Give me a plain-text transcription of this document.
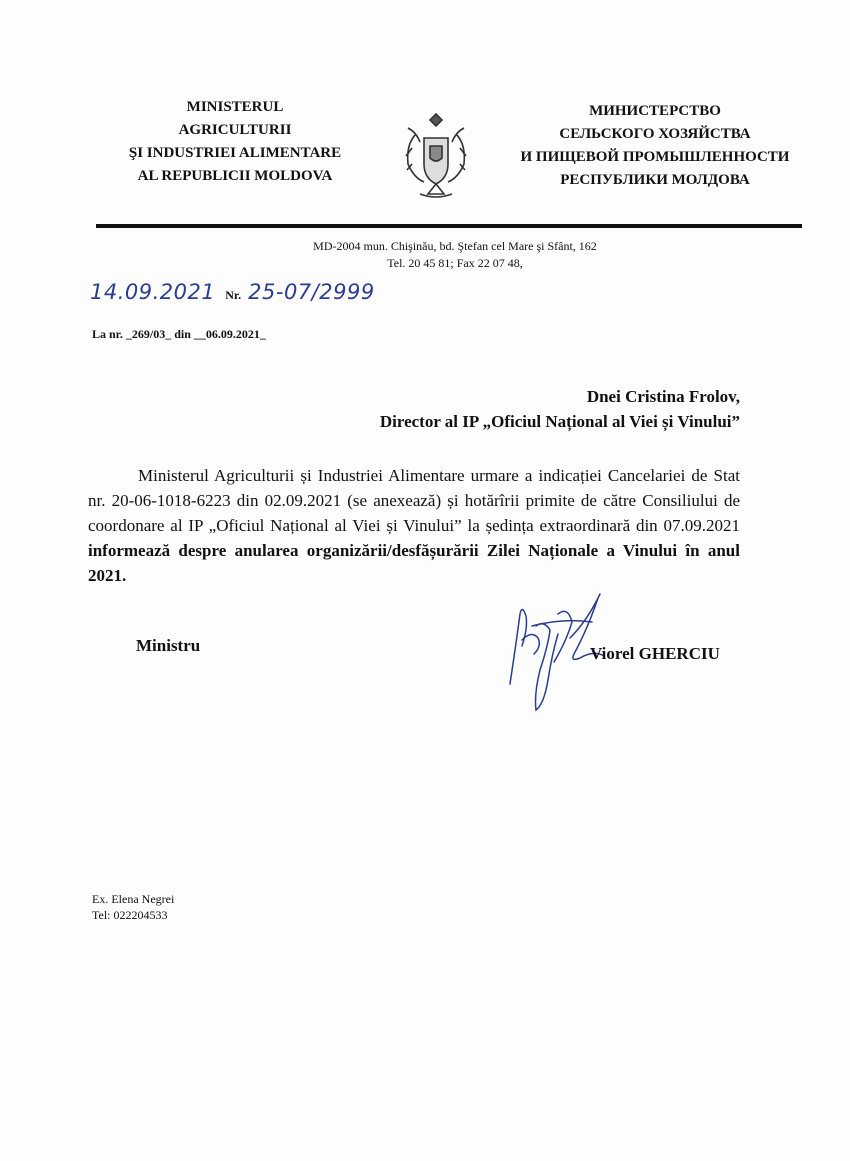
MINISTERUL
AGRICULTURII
ŞI INDUSTRIEI ALIMENTARE
AL REPUBLICII MOLDOVA
МИНИСТЕРСТВО
СЕЛЬСКОГО ХОЗЯЙСТВА
И ПИЩЕВОЙ ПРОМЫШЛЕННОСТИ
РЕСПУБЛИКИ МОЛДОВА
MD-2004 mun. Chişinău, bd. Ştefan cel Mare şi Sfânt, 162
Tel. 20 45 81; Fax 22 07 48,
14.09.2021 Nr. 25-07/2999
La nr. _269/03_ din __06.09.2021_
Dnei Cristina Frolov,
Director al IP „Oficiul Național al Viei și Vinului”

Ministerul Agriculturii și Industriei Alimentare urmare a indicației Cancelariei de Stat nr. 20-06-1018-6223 din 02.09.2021 (se anexează) și hotărîrii primite de către Consiliului de coordonare al IP „Oficiul Național al Viei și Vinului” la ședința extraordinară din 07.09.2021 informează despre anularea organizării/desfășurării Zilei Naționale a Vinului în anul 2021.

Ministru	Viorel GHERCIU
Ex. Elena Negrei
Tel: 022204533
